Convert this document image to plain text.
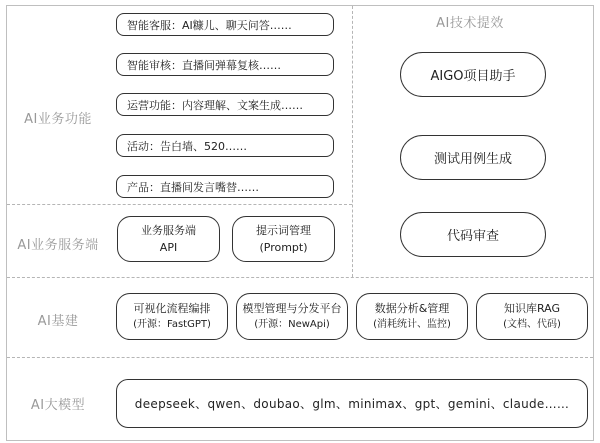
AI业务功能
AI业务服务端
AI基建
AI大模型
AI技术提效
智能客服：AI糠儿、聊天问答……
智能审核：直播间弹幕复核……
运营功能：内容理解、文案生成……
活动：告白墙、520……
产品：直播间发言嘴替……
业务服务端
API
提示词管理
(Prompt)
AIGO项目助手
测试用例生成
代码审查
可视化流程编排
(开源：FastGPT)
模型管理与分发平台
(开源：NewApi)
数据分析&管理
(消耗统计、监控)
知识库RAG
(文档、代码)
deepseek、qwen、doubao、glm、minimax、gpt、gemini、claude……
